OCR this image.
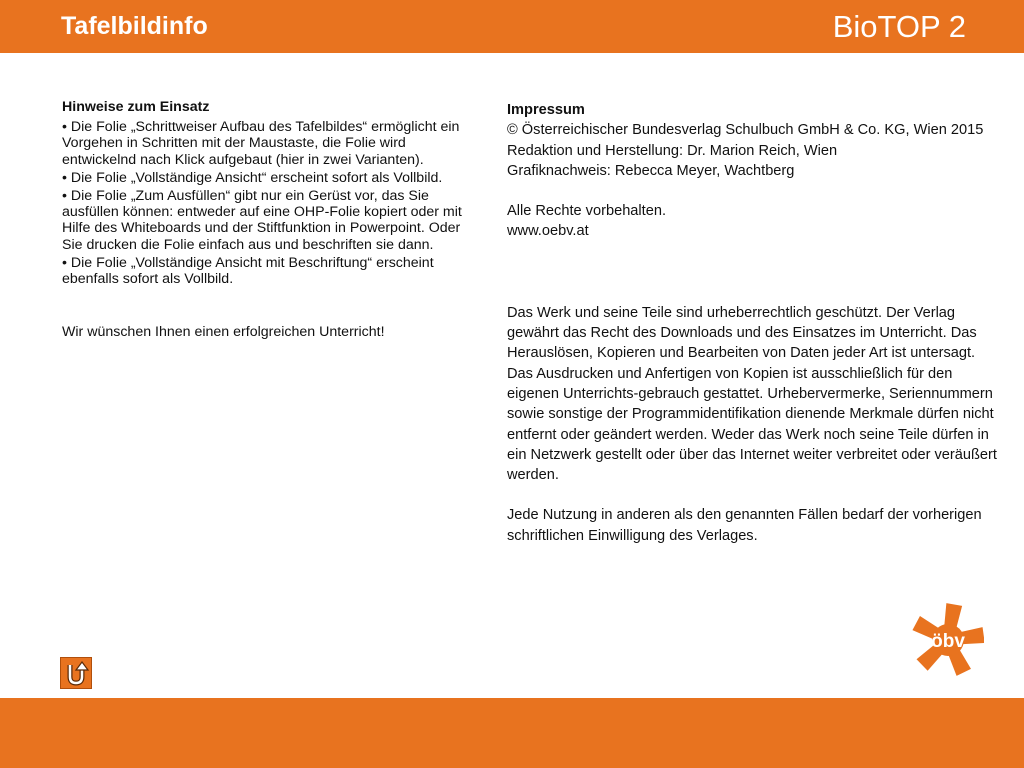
Tafelbildinfo	BioTOP 2
Hinweise zum Einsatz
• Die Folie „Schrittweiser Aufbau des Tafelbildes“ ermöglicht ein Vorgehen in Schritten mit der Maustaste, die Folie wird entwickelnd nach Klick aufgebaut (hier in zwei Varianten).
• Die Folie „Vollständige Ansicht“ erscheint sofort als Vollbild.
• Die Folie „Zum Ausfüllen“ gibt nur ein Gerüst vor, das Sie ausfüllen können: entweder auf eine OHP-Folie kopiert oder mit Hilfe des Whiteboards und der Stiftfunktion in Powerpoint. Oder Sie drucken die Folie einfach aus und beschriften sie dann.
• Die Folie „Vollständige Ansicht mit Beschriftung“ erscheint ebenfalls sofort als Vollbild.
Wir wünschen Ihnen einen erfolgreichen Unterricht!
Impressum
© Österreichischer Bundesverlag Schulbuch GmbH & Co. KG, Wien 2015
Redaktion und Herstellung: Dr. Marion Reich, Wien
Grafiknachweis: Rebecca Meyer, Wachtberg
Alle Rechte vorbehalten.
www.oebv.at
Das Werk und seine Teile sind urheberrechtlich geschützt. Der Verlag gewährt das Recht des Downloads und des Einsatzes im Unterricht. Das Herauslösen, Kopieren und Bearbeiten von Daten jeder Art ist untersagt. Das Ausdrucken und Anfertigen von Kopien ist ausschließlich für den eigenen Unterrichts-gebrauch gestattet. Urhebervermerke, Seriennummern sowie sonstige der Programmidentifikation dienende Merkmale dürfen nicht entfernt oder geändert werden. Weder das Werk noch seine Teile dürfen in ein Netzwerk gestellt oder über das Internet weiter verbreitet oder veräußert werden.
Jede Nutzung in anderen als den genannten Fällen bedarf der vorherigen schriftlichen Einwilligung des Verlages.
öbv
